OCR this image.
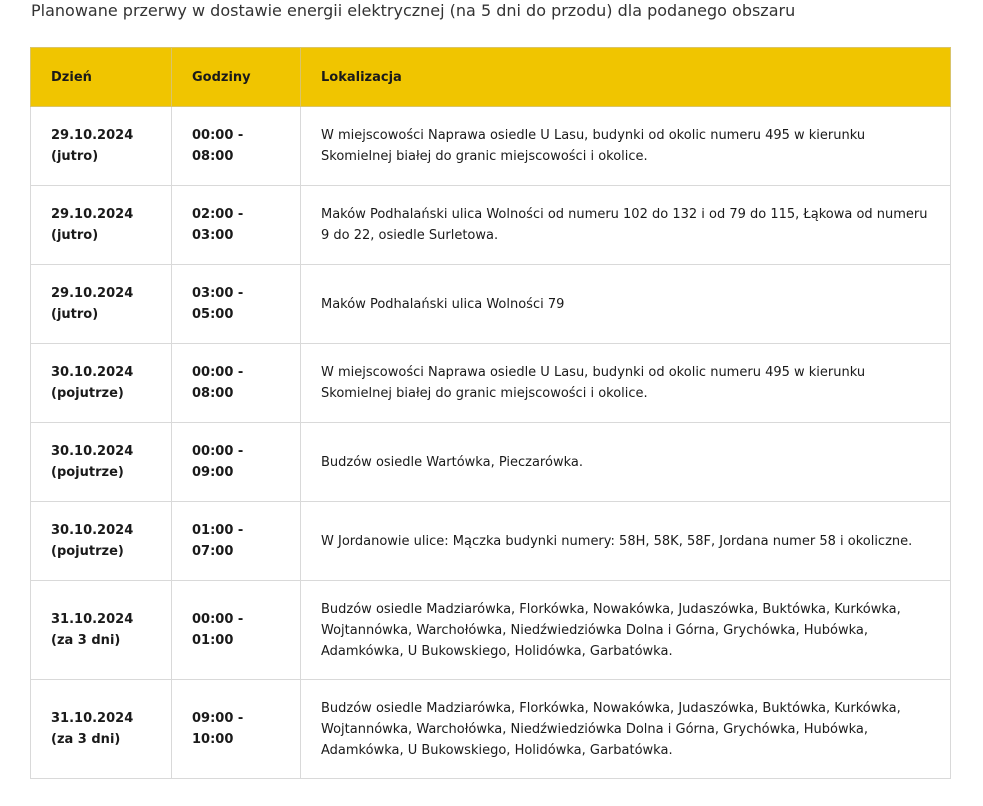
Planowane przerwy w dostawie energii elektrycznej (na 5 dni do przodu) dla podanego obszaru
Dzień	Godziny	Lokalizacja

29.10.2024
(jutro)	00:00 - 08:00	W miejscowości Naprawa osiedle U Lasu, budynki od okolic numeru 495 w kierunku Skomielnej białej do granic miejscowości i okolice.

29.10.2024
(jutro)	02:00 - 03:00	Maków Podhalański ulica Wolności od numeru 102 do 132 i od 79 do 115, Łąkowa od numeru 9 do 22, osiedle Surletowa.

29.10.2024
(jutro)	03:00 - 05:00	Maków Podhalański ulica Wolności 79

30.10.2024
(pojutrze)	00:00 - 08:00	W miejscowości Naprawa osiedle U Lasu, budynki od okolic numeru 495 w kierunku Skomielnej białej do granic miejscowości i okolice.

30.10.2024
(pojutrze)	00:00 - 09:00	Budzów osiedle Wartówka, Pieczarówka.

30.10.2024
(pojutrze)	01:00 - 07:00	W Jordanowie ulice: Mączka budynki numery: 58H, 58K, 58F, Jordana numer 58 i okoliczne.

31.10.2024
(za 3 dni)	00:00 - 01:00	Budzów osiedle Madziarówka, Florkówka, Nowakówka, Judaszówka, Buktówka, Kurkówka, Wojtannówka, Warchołówka, Niedźwiedziówka Dolna i Górna, Grychówka, Hubówka, Adamkówka, U Bukowskiego, Holidówka, Garbatówka.

31.10.2024
(za 3 dni)	09:00 - 10:00	Budzów osiedle Madziarówka, Florkówka, Nowakówka, Judaszówka, Buktówka, Kurkówka, Wojtannówka, Warchołówka, Niedźwiedziówka Dolna i Górna, Grychówka, Hubówka, Adamkówka, U Bukowskiego, Holidówka, Garbatówka.
